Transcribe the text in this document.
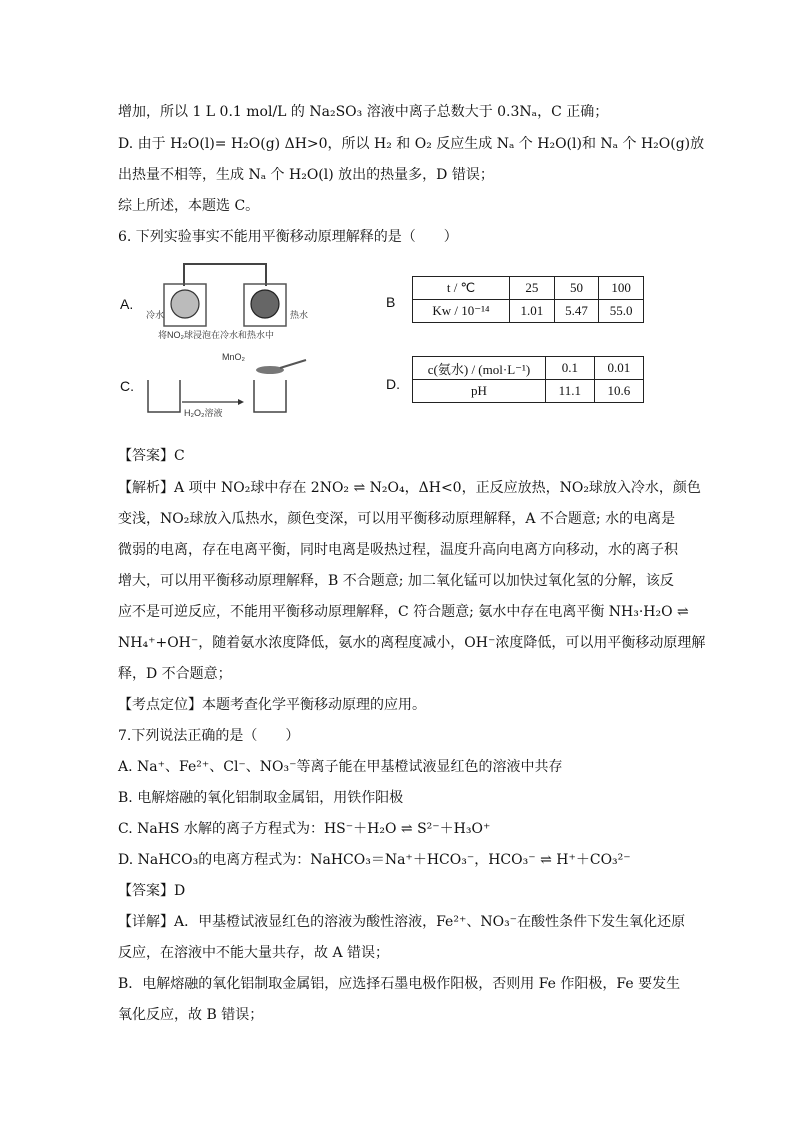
增加，所以 1 L 0.1 mol/L 的 Na₂SO₃ 溶液中离子总数大于 0.3Nₐ，C 正确；
D. 由于 H₂O(l)= H₂O(g) ΔH>0，所以 H₂ 和 O₂ 反应生成 Nₐ 个 H₂O(l)和 Nₐ 个 H₂O(g)放
出热量不相等，生成 Nₐ 个 H₂O(l) 放出的热量多，D 错误；
综上所述，本题选 C。
6. 下列实验事实不能用平衡移动原理解释的是（　　）
A.
冷水	热水
将NO₂球浸泡在冷水和热水中
B
t / ℃	25	50	100
Kw / 10⁻¹⁴	1.01	5.47	55.0
C.
MnO₂
H₂O₂溶液
D.
c(氨水) / (mol·L⁻¹)	0.1	0.01
pH	11.1	10.6
【答案】C
【解析】A 项中 NO₂球中存在 2NO₂ ⇌ N₂O₄，ΔH<0，正反应放热，NO₂球放入冷水，颜色
变浅，NO₂球放入瓜热水，颜色变深，可以用平衡移动原理解释，A 不合题意; 水的电离是
微弱的电离，存在电离平衡，同时电离是吸热过程，温度升高向电离方向移动，水的离子积
增大，可以用平衡移动原理解释，B 不合题意; 加二氧化锰可以加快过氧化氢的分解，该反
应不是可逆反应，不能用平衡移动原理解释，C 符合题意; 氨水中存在电离平衡 NH₃·H₂O ⇌
NH₄⁺+OH⁻，随着氨水浓度降低，氨水的离程度减小，OH⁻浓度降低，可以用平衡移动原理解
释，D 不合题意；
【考点定位】本题考查化学平衡移动原理的应用。
7.下列说法正确的是（　　）
A. Na⁺、Fe²⁺、Cl⁻、NO₃⁻等离子能在甲基橙试液显红色的溶液中共存
B. 电解熔融的氧化铝制取金属铝，用铁作阳极
C. NaHS 水解的离子方程式为：HS⁻＋H₂O ⇌ S²⁻＋H₃O⁺
D. NaHCO₃的电离方程式为：NaHCO₃＝Na⁺＋HCO₃⁻，HCO₃⁻ ⇌ H⁺＋CO₃²⁻
【答案】D
【详解】A．甲基橙试液显红色的溶液为酸性溶液，Fe²⁺、NO₃⁻在酸性条件下发生氧化还原
反应，在溶液中不能大量共存，故 A 错误；
B．电解熔融的氧化铝制取金属铝，应选择石墨电极作阳极，否则用 Fe 作阳极，Fe 要发生
氧化反应，故 B 错误；
